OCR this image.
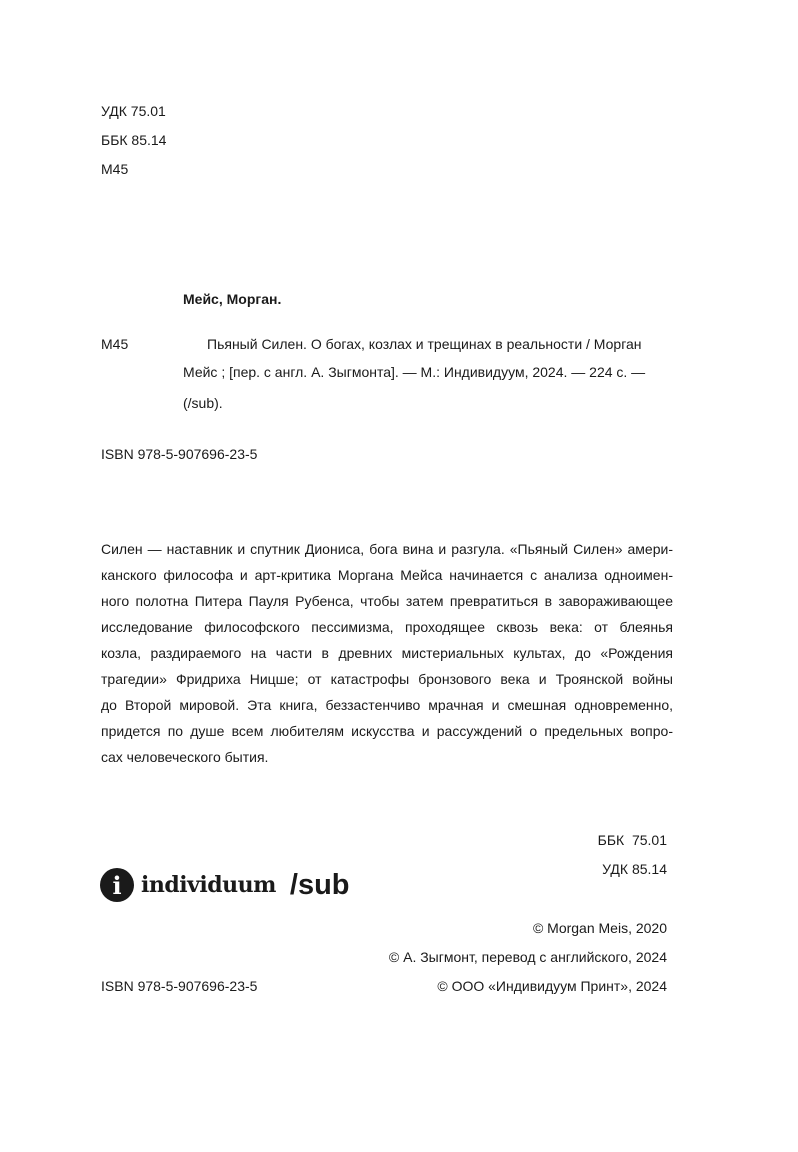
УДК 75.01
ББК 85.14
М45
Мейс, Морган.
М45	Пьяный Силен. О богах, козлах и трещинах в реальности / Морган
Мейс ; [пер. с англ. А. Зыгмонта]. — М.: Индивидуум, 2024. — 224 с. —
(/sub).
ISBN 978-5-907696-23-5
Силен — наставник и спутник Диониса, бога вина и разгула. «Пьяный Силен» амери-
канского философа и арт-критика Моргана Мейса начинается с анализа одноимен-
ного полотна Питера Пауля Рубенса, чтобы затем превратиться в завораживающее
исследование философского пессимизма, проходящее сквозь века: от блеянья
козла, раздираемого на части в древних мистериальных культах, до «Рождения
трагедии» Фридриха Ницше; от катастрофы бронзового века и Троянской войны
до Второй мировой. Эта книга, беззастенчиво мрачная и смешная одновременно,
придется по душе всем любителям искусства и рассуждений о предельных вопро-
сах человеческого бытия.
ББК  75.01
УДК 85.14
i individuum /sub
© Morgan Meis, 2020
© А. Зыгмонт, перевод с английского, 2024
© ООО «Индивидуум Принт», 2024
ISBN 978-5-907696-23-5
